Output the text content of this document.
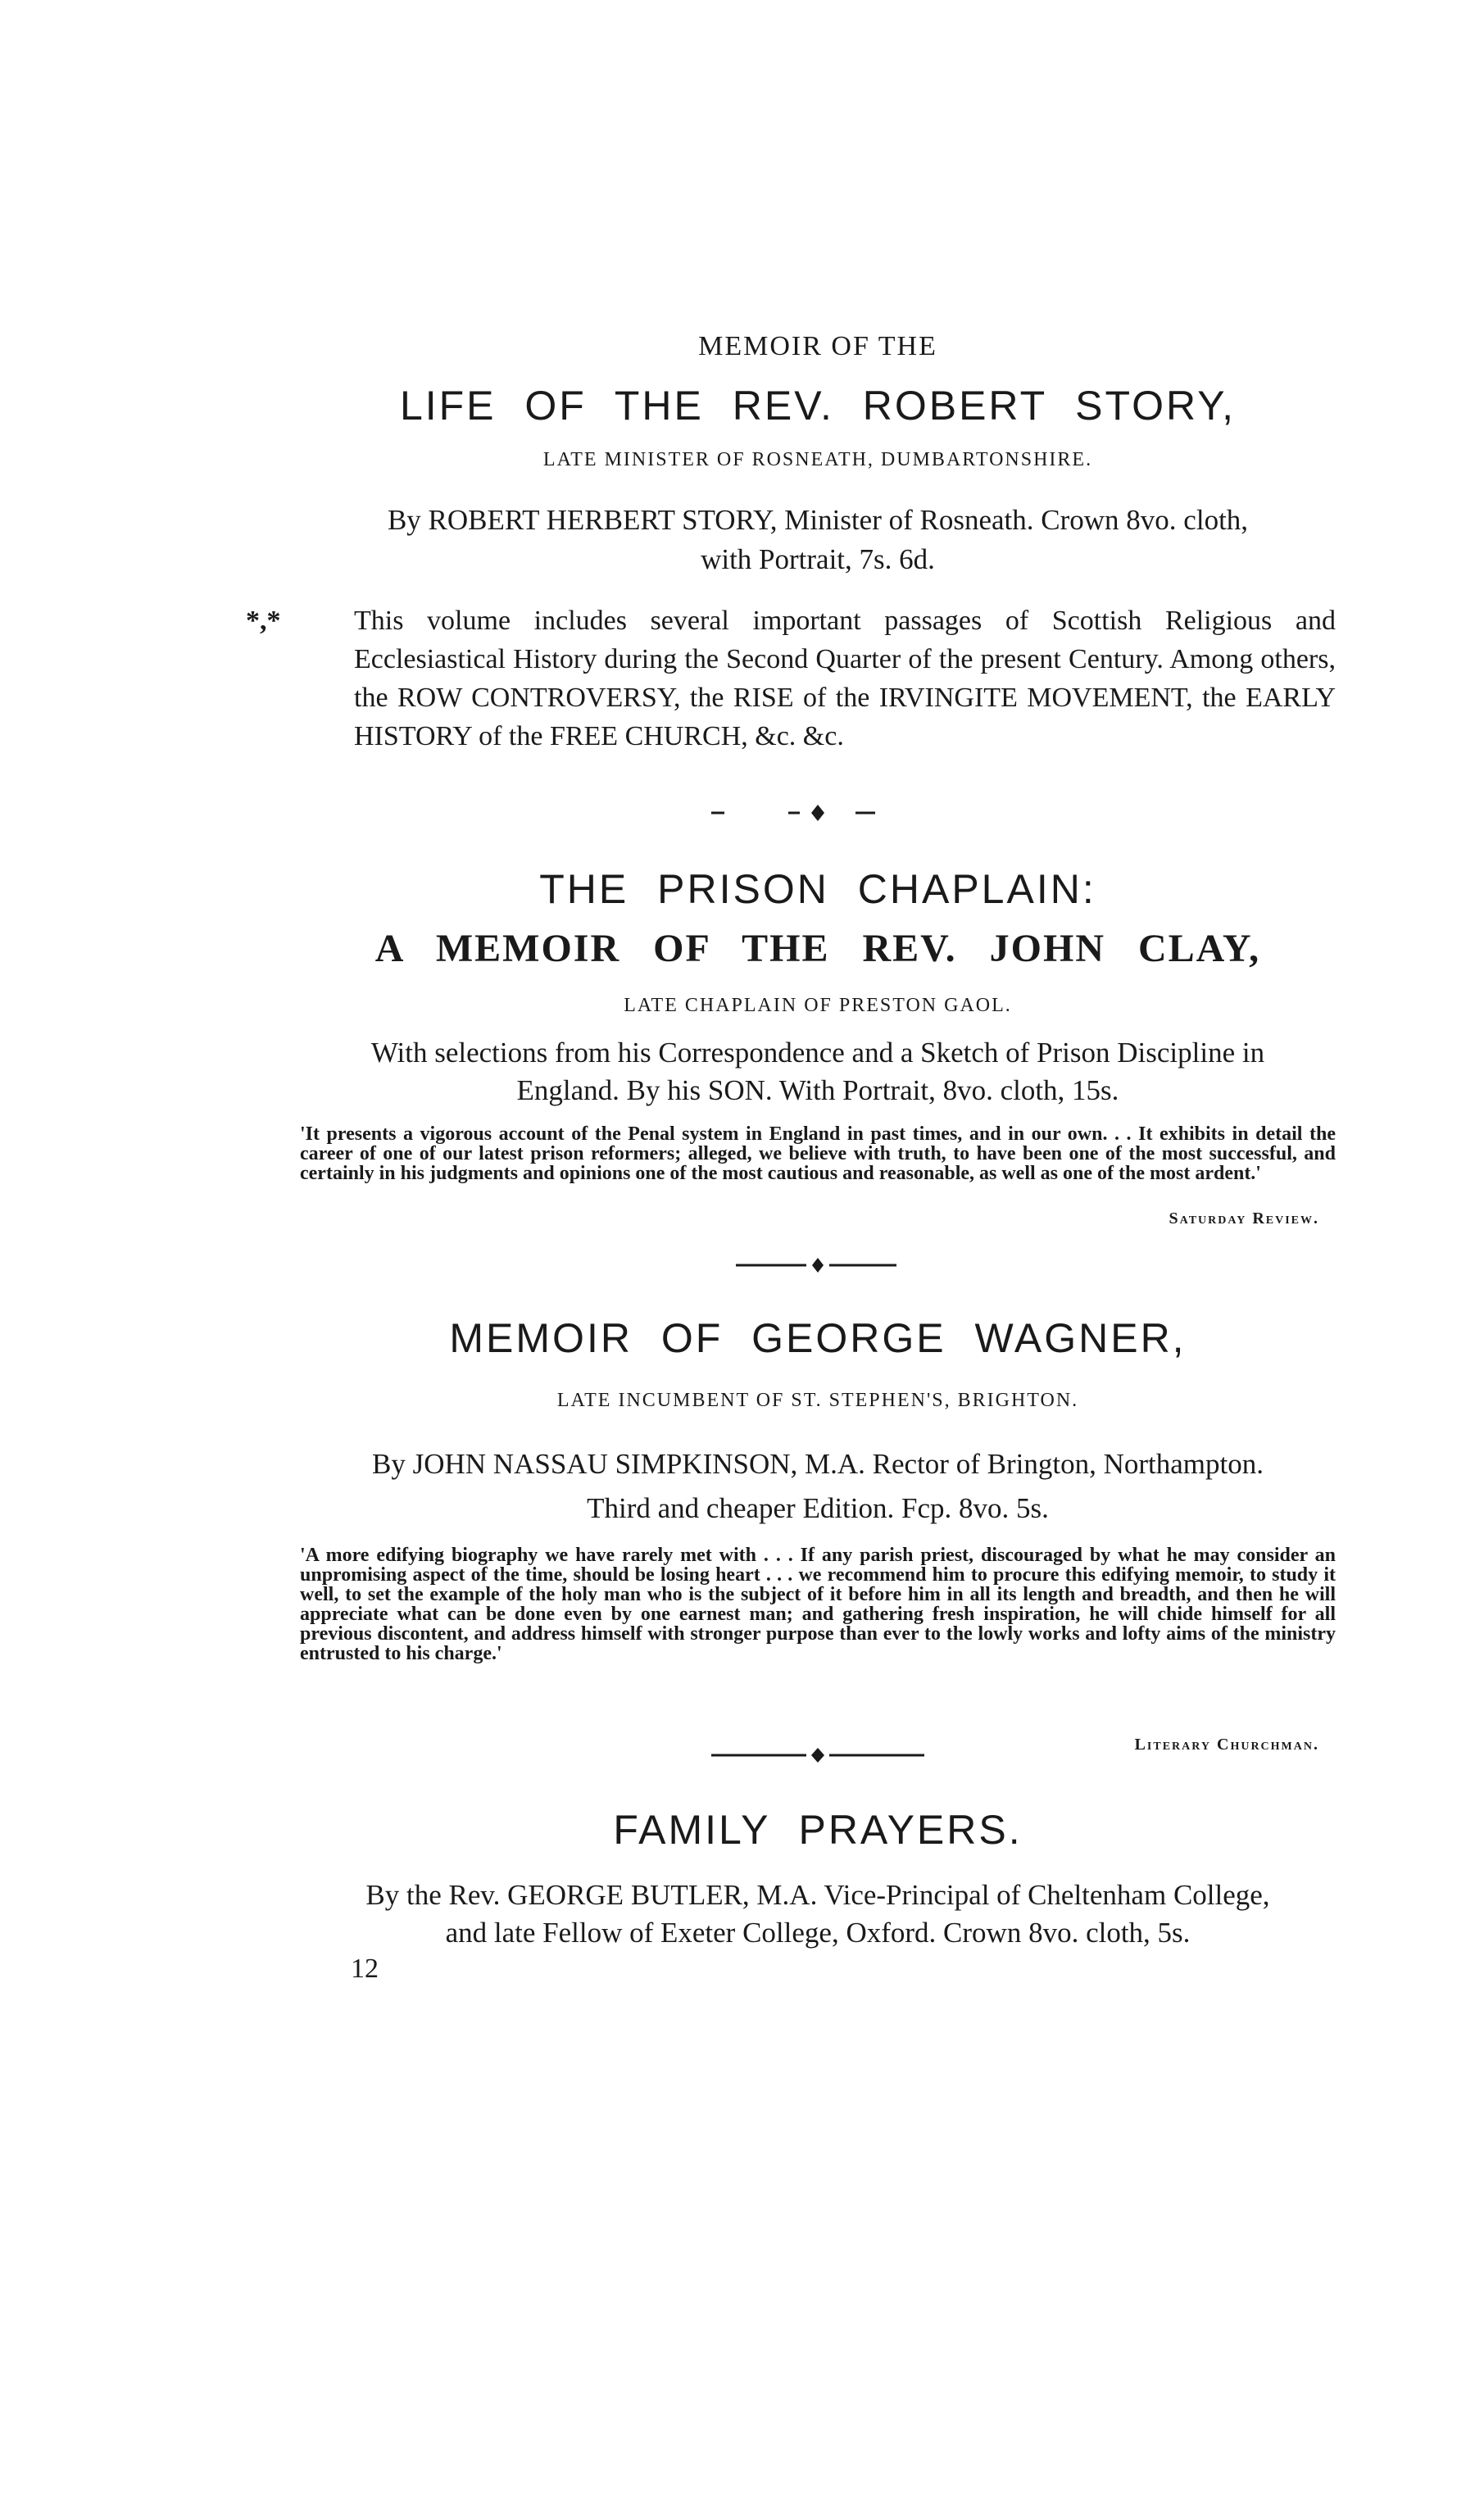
MEMOIR OF THE
LIFE OF THE REV. ROBERT STORY,
LATE MINISTER OF ROSNEATH, DUMBARTONSHIRE.
By ROBERT HERBERT STORY, Minister of Rosneath. Crown 8vo. cloth,
with Portrait, 7s. 6d.
*,*	This volume includes several important passages of Scottish Religious and Ecclesiastical History during the Second Quarter of the present Century. Among others, the ROW CONTROVERSY, the RISE of the IRVINGITE MOVEMENT, the EARLY HISTORY of the FREE CHURCH, &c. &c.
THE PRISON CHAPLAIN:
A MEMOIR OF THE REV. JOHN CLAY,
LATE CHAPLAIN OF PRESTON GAOL.
With selections from his Correspondence and a Sketch of Prison Discipline in
England. By his SON. With Portrait, 8vo. cloth, 15s.
'It presents a vigorous account of the Penal system in England in past times, and in our own. . . It exhibits in detail the career of one of our latest prison reformers; alleged, we believe with truth, to have been one of the most successful, and certainly in his judgments and opinions one of the most cautious and reasonable, as well as one of the most ardent.'
Saturday Review.
MEMOIR OF GEORGE WAGNER,
LATE INCUMBENT OF ST. STEPHEN'S, BRIGHTON.
By JOHN NASSAU SIMPKINSON, M.A. Rector of Brington, Northampton.
Third and cheaper Edition. Fcp. 8vo. 5s.
'A more edifying biography we have rarely met with . . . If any parish priest, discouraged by what he may consider an unpromising aspect of the time, should be losing heart . . . we recommend him to procure this edifying memoir, to study it well, to set the example of the holy man who is the subject of it before him in all its length and breadth, and then he will appreciate what can be done even by one earnest man; and gathering fresh inspiration, he will chide himself for all previous discontent, and address himself with stronger purpose than ever to the lowly works and lofty aims of the ministry entrusted to his charge.'
Literary Churchman.
FAMILY PRAYERS.
By the Rev. GEORGE BUTLER, M.A. Vice-Principal of Cheltenham College,
and late Fellow of Exeter College, Oxford. Crown 8vo. cloth, 5s.
12
